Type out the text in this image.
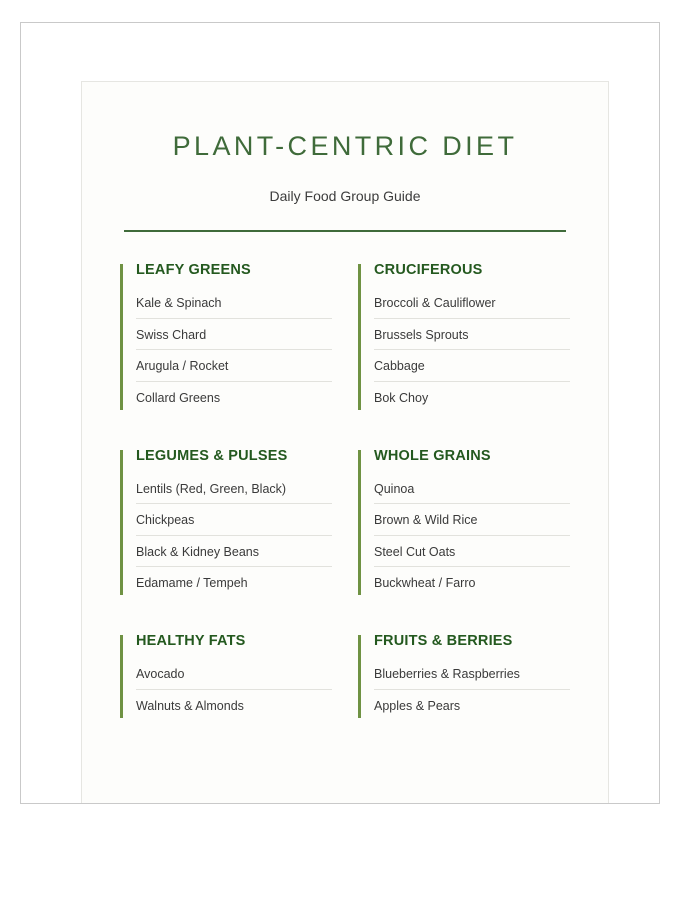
PLANT-CENTRIC DIET
Daily Food Group Guide
LEAFY GREENS
Kale & Spinach
Swiss Chard
Arugula / Rocket
Collard Greens
CRUCIFEROUS
Broccoli & Cauliflower
Brussels Sprouts
Cabbage
Bok Choy
LEGUMES & PULSES
Lentils (Red, Green, Black)
Chickpeas
Black & Kidney Beans
Edamame / Tempeh
WHOLE GRAINS
Quinoa
Brown & Wild Rice
Steel Cut Oats
Buckwheat / Farro
HEALTHY FATS
Avocado
Walnuts & Almonds
FRUITS & BERRIES
Blueberries & Raspberries
Apples & Pears
